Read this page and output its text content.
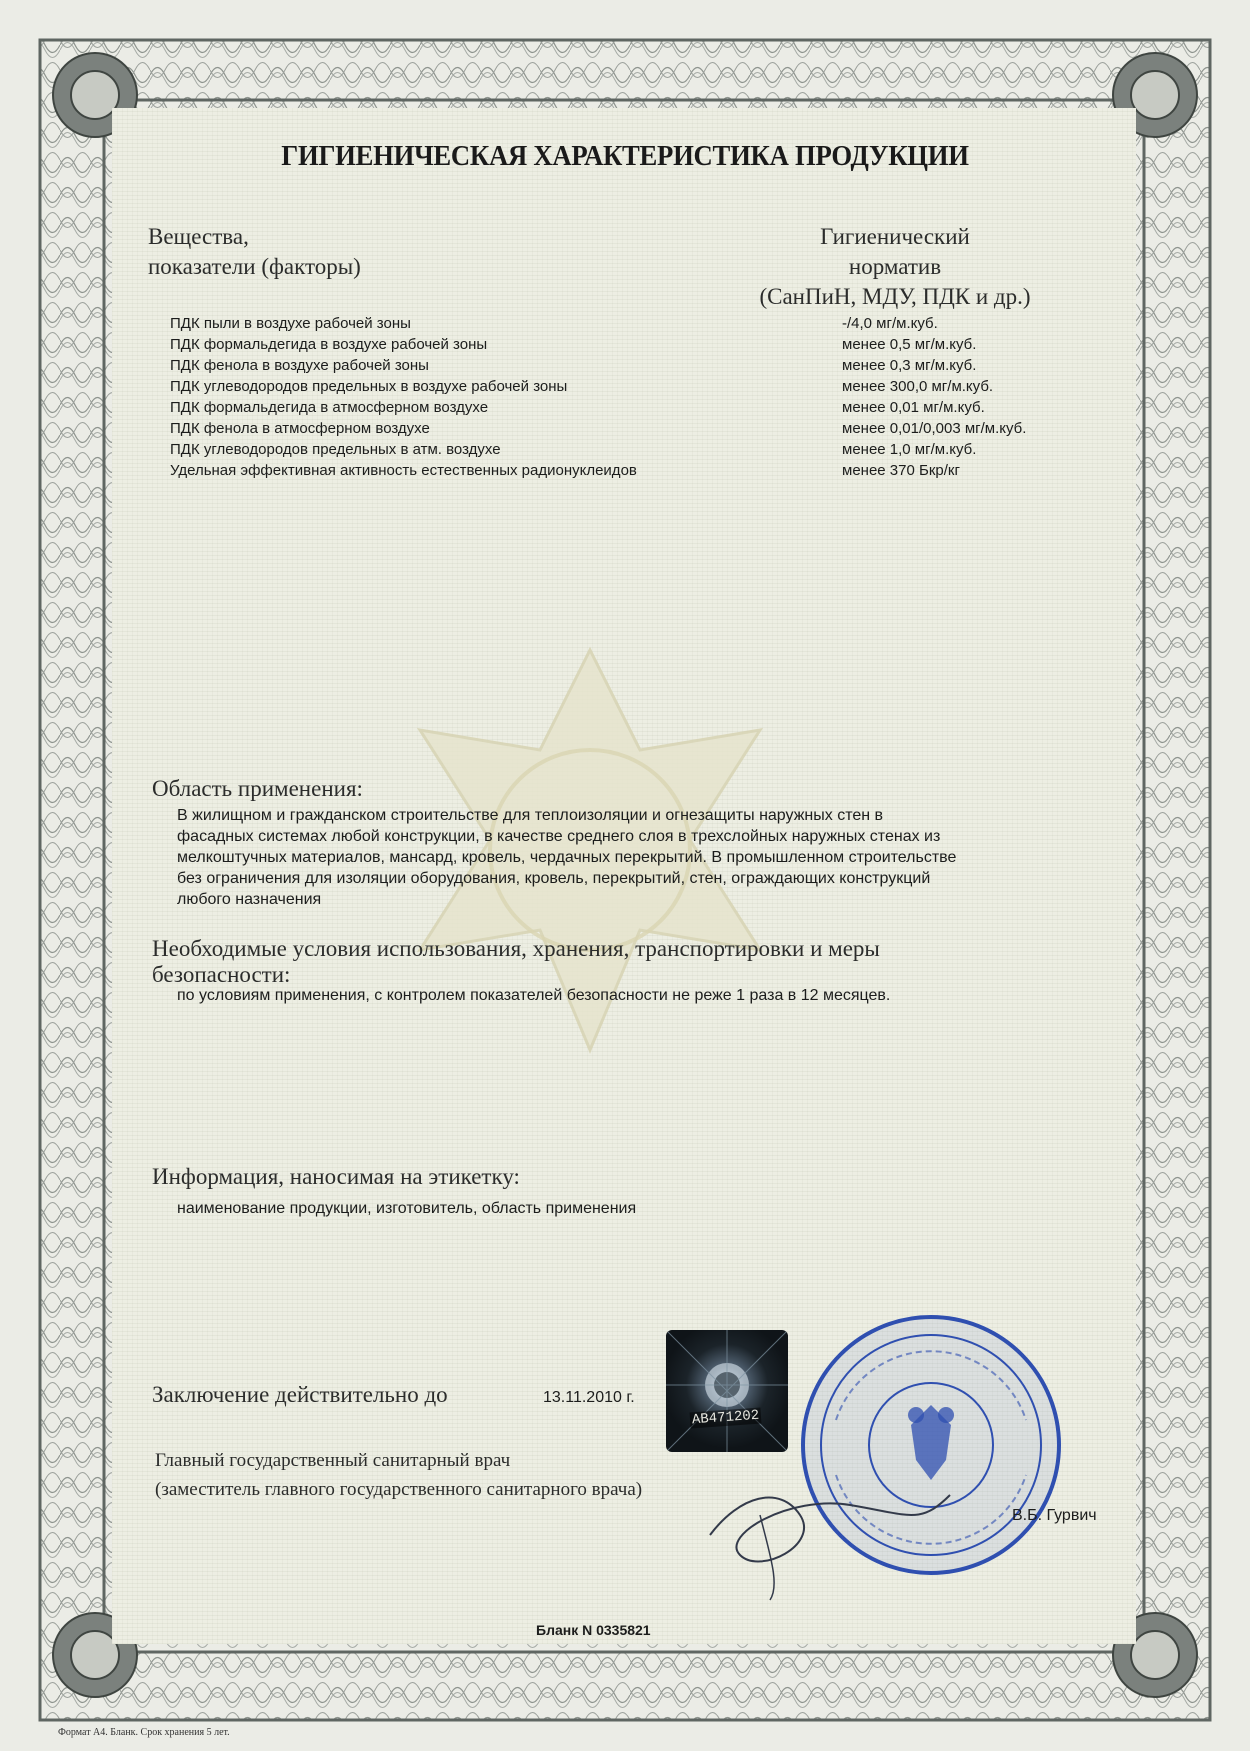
ГИГИЕНИЧЕСКАЯ ХАРАКТЕРИСТИКА ПРОДУКЦИИ
Вещества,
показатели (факторы)
Гигиенический
норматив
(СанПиН, МДУ, ПДК и др.)
ПДК пыли в воздухе рабочей зоны	-/4,0 мг/м.куб.
ПДК формальдегида в воздухе рабочей зоны	менее 0,5 мг/м.куб.
ПДК фенола в воздухе рабочей зоны	менее 0,3 мг/м.куб.
ПДК углеводородов предельных в воздухе рабочей зоны	менее 300,0 мг/м.куб.
ПДК формальдегида в атмосферном воздухе	менее 0,01 мг/м.куб.
ПДК фенола в атмосферном воздухе	менее 0,01/0,003 мг/м.куб.
ПДК углеводородов предельных в атм. воздухе	менее 1,0 мг/м.куб.
Удельная эффективная активность естественных радионуклеидов	менее 370 Бкр/кг
Область применения:
В жилищном и гражданском строительстве для теплоизоляции и огнезащиты наружных стен в
фасадных системах любой конструкции, в качестве среднего слоя в трехслойных наружных стенах из
мелкоштучных материалов, мансард, кровель, чердачных перекрытий. В промышленном строительстве
без ограничения для изоляции оборудования, кровель, перекрытий, стен, ограждающих конструкций
любого назначения
Необходимые условия использования, хранения, транспортировки и меры
безопасности:
по условиям применения, с контролем показателей безопасности не реже 1 раза в 12 месяцев.
Информация, наносимая на этикетку:
наименование продукции, изготовитель, область применения
Заключение действительно до	13.11.2010 г.
AB471202
Главный государственный санитарный врач
(заместитель главного государственного санитарного врача)
В.Б. Гурвич
Бланк N 0335821
Формат А4. Бланк. Срок хранения 5 лет.
